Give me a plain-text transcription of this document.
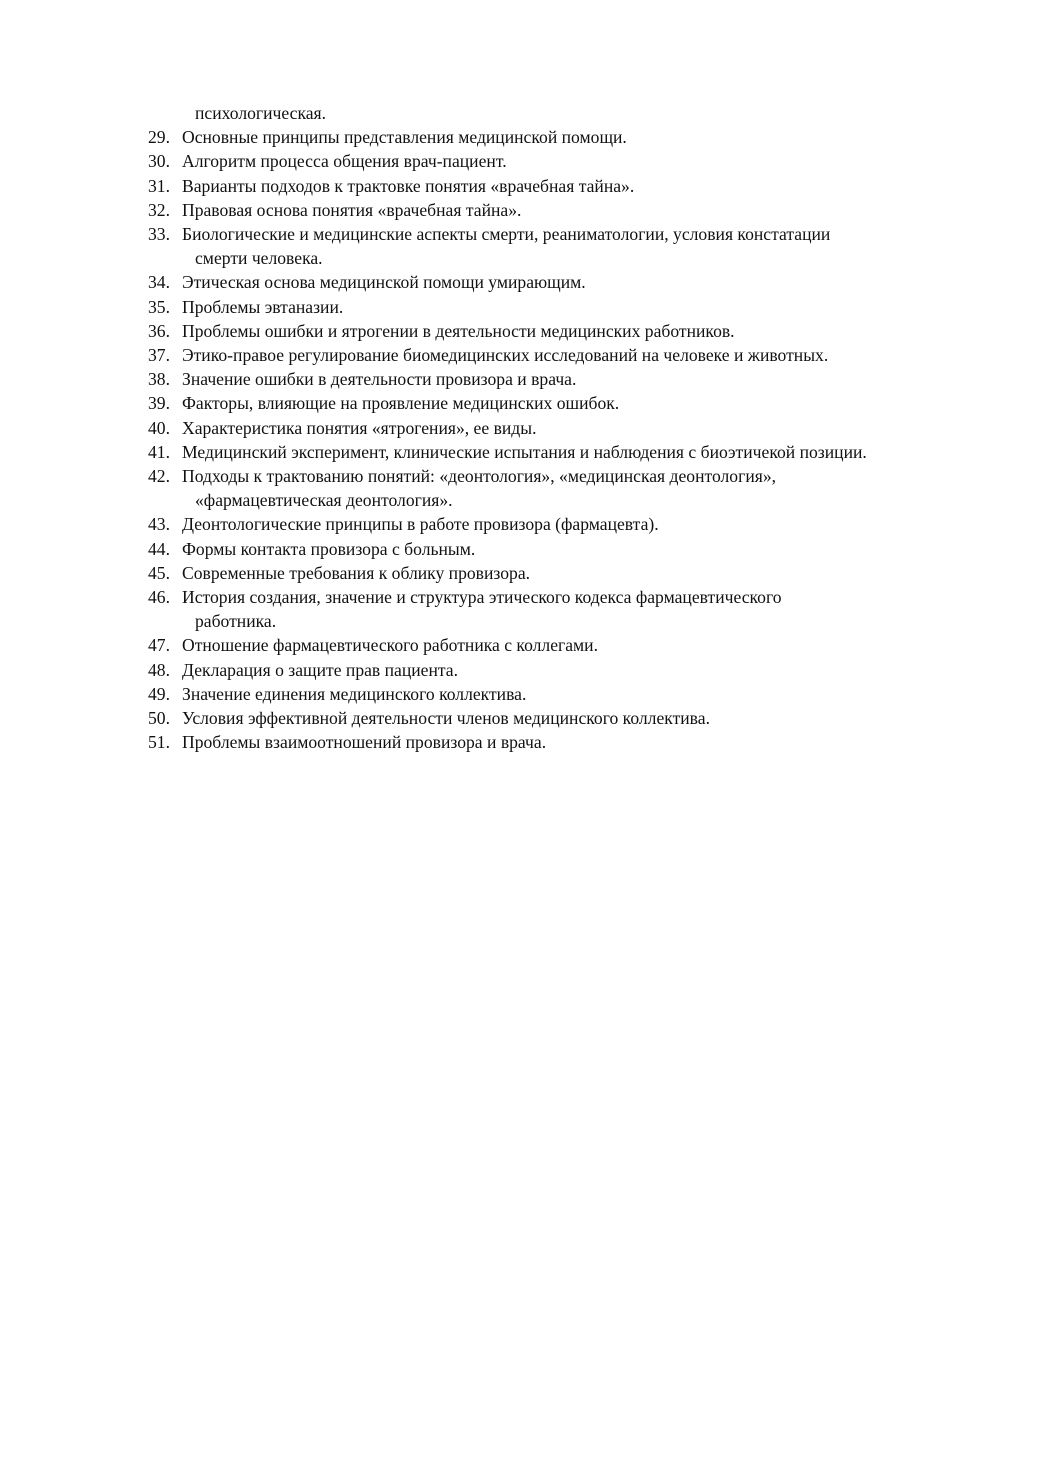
психологическая.
29. Основные принципы представления медицинской помощи.
30. Алгоритм процесса общения врач-пациент.
31. Варианты подходов к трактовке понятия «врачебная тайна».
32. Правовая основа понятия «врачебная тайна».
33. Биологические и медицинские аспекты смерти, реаниматологии, условия констатации
смерти человека.
34. Этическая основа медицинской помощи умирающим.
35. Проблемы эвтаназии.
36. Проблемы ошибки и ятрогении в деятельности медицинских работников.
37. Этико-правое регулирование биомедицинских исследований на человеке и животных.
38. Значение ошибки в деятельности провизора и врача.
39. Факторы, влияющие на проявление медицинских ошибок.
40. Характеристика понятия «ятрогения», ее виды.
41. Медицинский эксперимент, клинические испытания и наблюдения с биоэтичекой позиции.
42. Подходы к трактованию понятий: «деонтология», «медицинская деонтология»,
«фармацевтическая деонтология».
43. Деонтологические принципы в работе провизора (фармацевта).
44. Формы контакта провизора с больным.
45. Современные требования к облику провизора.
46. История создания, значение и структура этического кодекса фармацевтического
работника.
47. Отношение фармацевтического работника с коллегами.
48. Декларация о защите прав пациента.
49. Значение единения медицинского коллектива.
50. Условия эффективной деятельности членов медицинского коллектива.
51. Проблемы взаимоотношений провизора и врача.
